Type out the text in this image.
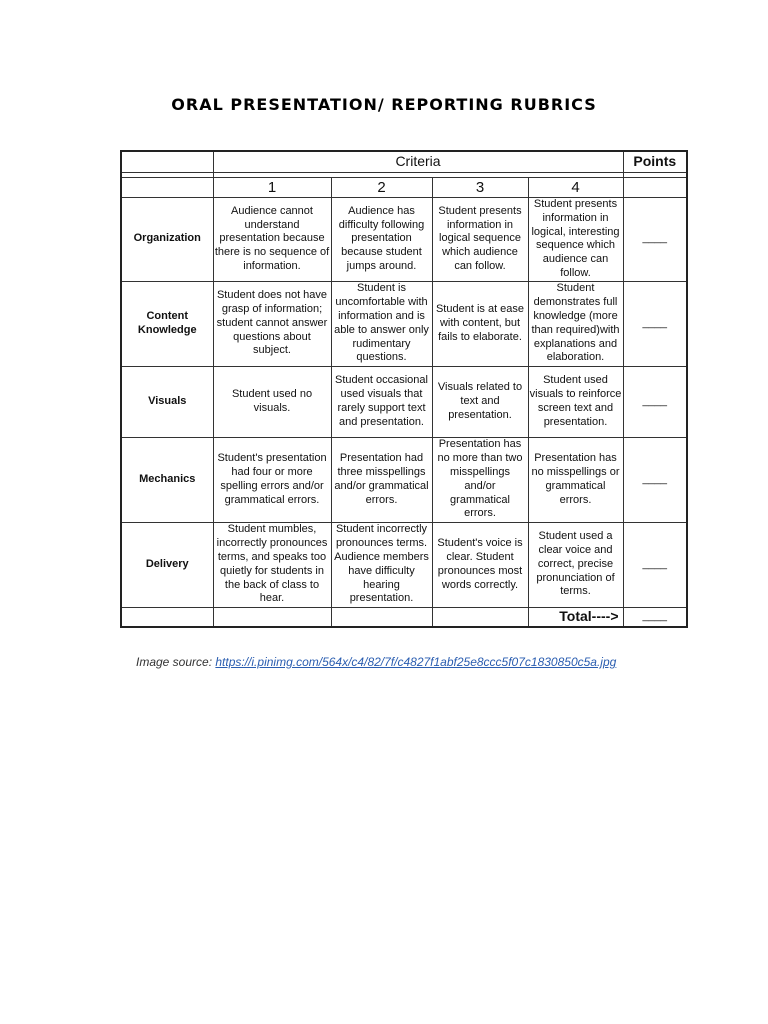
ORAL PRESENTATION/ REPORTING RUBRICS
	Criteria				Points

	1	2	3	4	
Organization	Audience cannot understand presentation because there is no sequence of information.	Audience has difficulty following presentation because student jumps around.	Student presents information in logical sequence which audience can follow.	Student presents information in logical, interesting sequence which audience can follow.	____
Content Knowledge	Student does not have grasp of information; student cannot answer questions about subject.	Student is uncomfortable with information and is able to answer only rudimentary questions.	Student is at ease with content, but fails to elaborate.	Student demonstrates full knowledge (more than required)with explanations and elaboration.	____
Visuals	Student used no visuals.	Student occasional used visuals that rarely support text and presentation.	Visuals related to text and presentation.	Student used visuals to reinforce screen text and presentation.	____
Mechanics	Student's presentation had four or more spelling errors and/or grammatical errors.	Presentation had three misspellings and/or grammatical errors.	Presentation has no more than two misspellings and/or grammatical errors.	Presentation has no misspellings or grammatical errors.	____
Delivery	Student mumbles, incorrectly pronounces terms, and speaks too quietly for students in the back of class to hear.	Student incorrectly pronounces terms. Audience members have difficulty hearing presentation.	Student's voice is clear. Student pronounces most words correctly.	Student used a clear voice and correct, precise pronunciation of terms.	____
				Total---->	____
Image source: https://i.pinimg.com/564x/c4/82/7f/c4827f1abf25e8ccc5f07c1830850c5a.jpg
